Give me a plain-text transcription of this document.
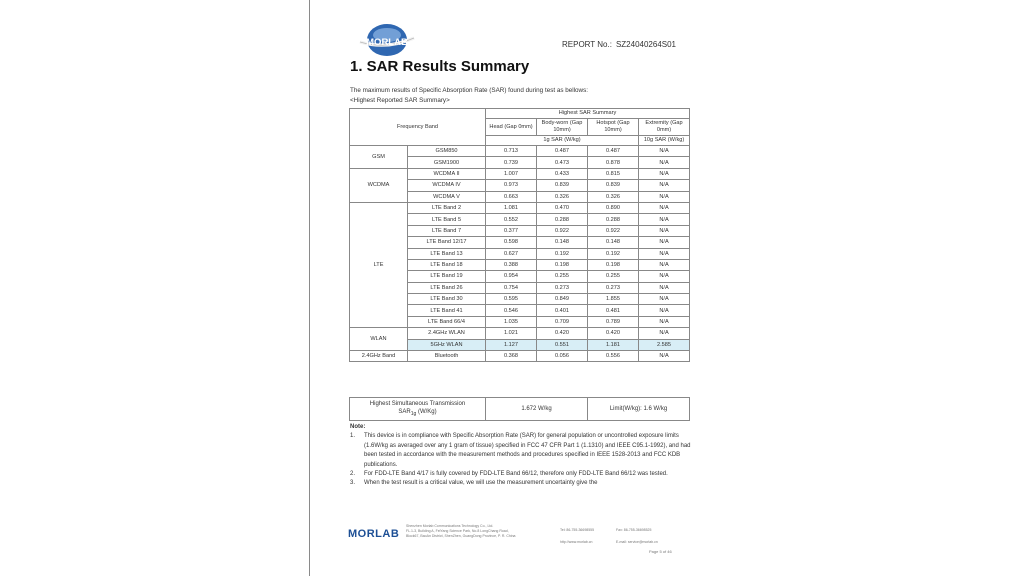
MORLAB	REPORT No.: SZ24040264S01
1. SAR Results Summary
The maximum results of Specific Absorption Rate (SAR) found during test as bellows:
<Highest Reported SAR Summary>
Frequency Band		Highest SAR Summary			
		Head (Gap 0mm)	Body-worn (Gap 10mm)	Hotspot (Gap 10mm)	Extremity (Gap 0mm)
		1g SAR (W/kg)			10g SAR (W/kg)
GSM	GSM850	0.713	0.487	0.487	N/A
	GSM1900	0.739	0.473	0.878	N/A
WCDMA	WCDMA II	1.007	0.433	0.815	N/A
	WCDMA IV	0.973	0.839	0.839	N/A
	WCDMA V	0.663	0.326	0.326	N/A
LTE	LTE Band 2	1.081	0.470	0.890	N/A
	LTE Band 5	0.552	0.288	0.288	N/A
	LTE Band 7	0.377	0.922	0.922	N/A
	LTE Band 12/17	0.598	0.148	0.148	N/A
	LTE Band 13	0.627	0.192	0.192	N/A
	LTE Band 18	0.388	0.198	0.198	N/A
	LTE Band 19	0.954	0.255	0.255	N/A
	LTE Band 26	0.754	0.273	0.273	N/A
	LTE Band 30	0.595	0.849	1.855	N/A
	LTE Band 41	0.546	0.401	0.481	N/A
	LTE Band 66/4	1.035	0.709	0.789	N/A
WLAN	2.4GHz WLAN	1.021	0.420	0.420	N/A
	5GHz WLAN	1.127	0.551	1.181	2.585
2.4GHz Band	Bluetooth	0.368	0.056	0.556	N/A
Highest Simultaneous Transmission
$SAR_{1g}$ (W/Kg)	1.672 W/kg	Limit(W/kg): 1.6 W/kg
Note:
1. This device is in compliance with Specific Absorption Rate (SAR) for general population or uncontrolled exposure limits (1.6W/kg as averaged over any 1 gram of tissue) specified in FCC 47 CFR Part 1 (1.1310) and IEEE C95.1-1992), and had been tested in accordance with the measurement methods and procedures specified in IEEE 1528-2013 and FCC KDB publications.
2. For FDD-LTE Band 4/17 is fully covered by FDD-LTE Band 66/12, therefore only FDD-LTE Band 66/12 was tested.
3. When the test result is a critical value, we will use the measurement uncertainty give the
MORLAB
Shenzhen Morlab Communications Technology Co., Ltd.
FL.1-3, Building A, FeiYang Science Park, No.8 LongChang Road,
Block67, BaoAn District, ShenZhen, GuangDong Province, P. R. China
Tel: 86-755-36698555
http://www.morlab.cn
Fax: 86-755-36698525
E-mail: service@morlab.cn
Page 5 of 46
